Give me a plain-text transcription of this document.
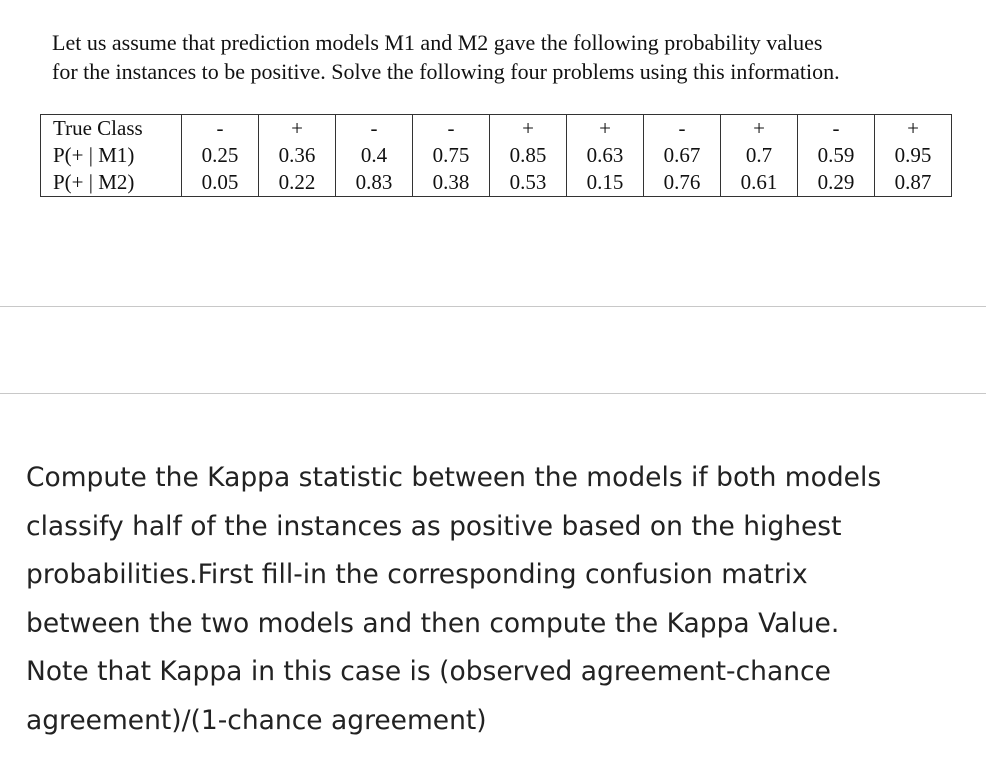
Let us assume that prediction models M1 and M2 gave the following probability values
for the instances to be positive. Solve the following four problems using this information.

True Class	-	+	-	-	+	+	-	+	-	+
P(+ | M1)	0.25	0.36	0.4	0.75	0.85	0.63	0.67	0.7	0.59	0.95
P(+ | M2)	0.05	0.22	0.83	0.38	0.53	0.15	0.76	0.61	0.29	0.87

Compute the Kappa statistic between the models if both models
classify half of the instances as positive based on the highest
probabilities.First fill-in the corresponding confusion matrix
between the two models and then compute the Kappa Value.
Note that Kappa in this case is (observed agreement-chance
agreement)/(1-chance agreement)
